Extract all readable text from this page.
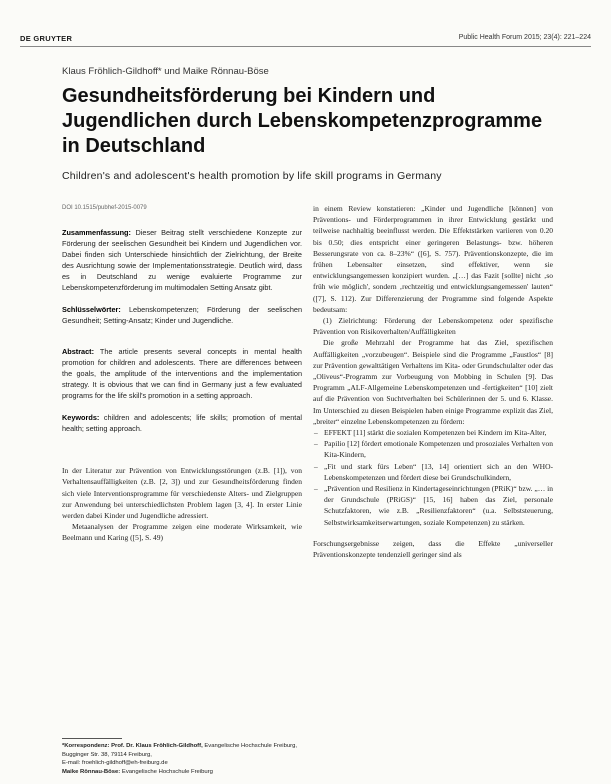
DE GRUYTER	Public Health Forum 2015; 23(4): 221–224
Klaus Fröhlich-Gildhoff* und Maike Rönnau-Böse
Gesundheitsförderung bei Kindern und
Jugendlichen durch Lebenskompetenzprogramme
in Deutschland
Children's and adolescent's health promotion by life skill programs in Germany
DOI 10.1515/pubhef-2015-0079
Zusammenfassung: Dieser Beitrag stellt verschiedene Konzepte zur Förderung der seelischen Gesundheit bei Kindern und Jugendlichen vor. Dabei finden sich Unterschiede hinsichtlich der Zielrichtung, der Breite des Ausrichtung sowie der Implementationsstrategie. Deutlich wird, dass es in Deutschland zu wenige evaluierte Programme zur Lebenskompetenzförderung im multimodalen Setting Ansatz gibt.
Schlüsselwörter: Lebenskompetenzen; Förderung der seelischen Gesundheit; Setting-Ansatz; Kinder und Jugendliche.
Abstract: The article presents several concepts in mental health promotion for children and adolescents. There are differences between the goals, the amplitude of the interventions and the implementation strategy. It is obvious that we can find in Germany just a few evaluated programs for the life skill's promotion in a setting approach.
Keywords: children and adolescents; life skills; promotion of mental health; setting approach.

In der Literatur zur Prävention von Entwicklungsstörungen (z.B. [1]), von Verhaltensauffälligkeiten (z.B. [2, 3]) und zur Gesundheitsförderung finden sich viele Interventionsprogramme für verschiedenste Alters- und Zielgruppen zur Anwendung bei unterschiedlichsten Problem lagen [3, 4]. In erster Linie werden dabei Kinder und Jugendliche adressiert.

Metaanalysen der Programme zeigen eine moderate Wirksamkeit, wie Beelmann und Karing ([5], S. 49)

*Korrespondenz: Prof. Dr. Klaus Fröhlich-Gildhoff, Evangelische Hochschule Freiburg, Bugginger Str. 38, 79114 Freiburg,
E-mail: froehlich-gildhoff@eh-freiburg.de
Maike Rönnau-Böse: Evangelische Hochschule Freiburg

in einem Review konstatieren: „Kinder und Jugendliche [können] von Präventions- und Förderprogrammen in ihrer Entwicklung gestärkt und teilweise nachhaltig beeinflusst werden. Die Effektstärken variieren von 0.20 bis 0.50; dies entspricht einer geringeren Belastungs- bzw. höheren Besserungsrate von ca. 8–23%“ ([6], S. 757). Präventionskonzepte, die im frühen Lebensalter einsetzen, sind effektiver, wenn sie entwicklungsangemessen konzipiert wurden. „[…] das Fazit [sollte] nicht ‚so früh wie möglich', sondern ‚rechtzeitig und entwicklungsangemessen' lauten“ ([7], S. 112). Zur Differenzierung der Programme sind folgende Aspekte bedeutsam:

(1) Zielrichtung: Förderung der Lebenskompetenz oder spezifische Prävention von Risikoverhalten/Auffälligkeiten

Die große Mehrzahl der Programme hat das Ziel, spezifischen Auffälligkeiten „vorzubeugen“. Beispiele sind die Programme „Faustlos“ [8] zur Prävention gewalttätigen Verhaltens im Kita- oder Grundschulalter oder das „Oliveus“-Programm zur Vorbeugung von Mobbing in Schulen [9]. Das Programm „ALF-Allgemeine Lebenskompetenzen und -fertigkeiten“ [10] zielt auf die Prävention von Suchtverhalten bei Schülerinnen der 5. und 6. Klasse. Im Unterschied zu diesen Beispielen haben einige Programme explizit das Ziel, „breiter“ einzelne Lebenskompetenzen zu fördern:

– EFFEKT [11] stärkt die sozialen Kompetenzen bei Kindern im Kita-Alter,
– Papilio [12] fördert emotionale Kompetenzen und prosoziales Verhalten von Kita-Kindern,
– „Fit und stark fürs Leben“ [13, 14] orientiert sich an den WHO-Lebenskompetenzen und fördert diese bei Grundschulkindern,
– „Prävention und Resilienz in Kindertageseinrichtungen (PRiK)“ bzw. „… in der Grundschule (PRiGS)“ [15, 16] haben das Ziel, personale Schutzfaktoren, wie z.B. „Resilienzfaktoren“ (u.a. Selbststeuerung, Selbstwirksamkeitserwartungen, soziale Kompetenzen) zu stärken.

Forschungsergebnisse zeigen, dass die Effekte „universeller Präventionskonzepte tendenziell geringer sind als
